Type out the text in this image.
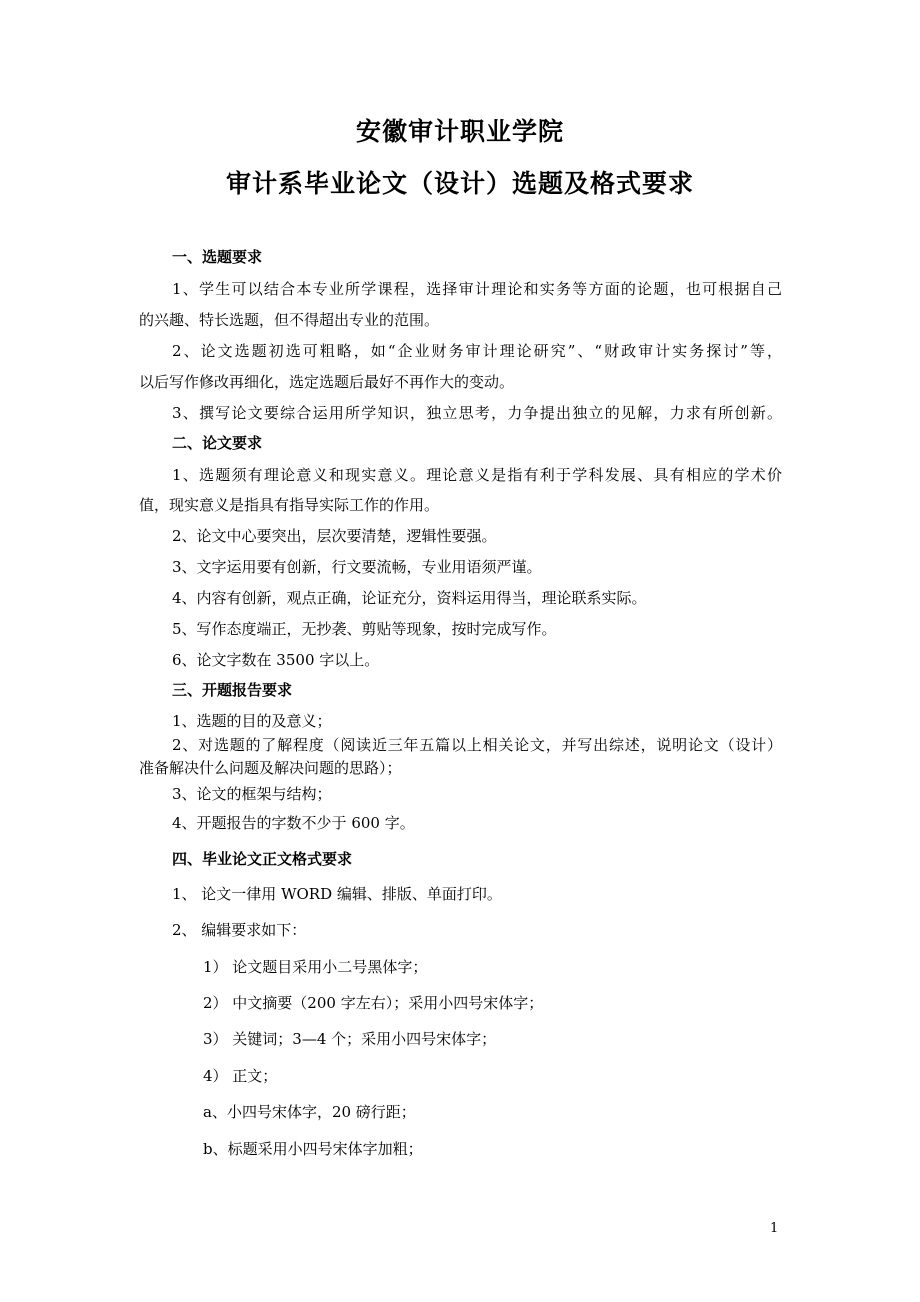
安徽审计职业学院
审计系毕业论文（设计）选题及格式要求

一、选题要求

1、学生可以结合本专业所学课程，选择审计理论和实务等方面的论题，也可根据自己

的兴趣、特长选题，但不得超出专业的范围。

2、论文选题初选可粗略，如“企业财务审计理论研究”、“财政审计实务探讨”等，

以后写作修改再细化，选定选题后最好不再作大的变动。

3、撰写论文要综合运用所学知识，独立思考，力争提出独立的见解，力求有所创新。

二、论文要求

1、选题须有理论意义和现实意义。理论意义是指有利于学科发展、具有相应的学术价

值，现实意义是指具有指导实际工作的作用。

2、论文中心要突出，层次要清楚，逻辑性要强。

3、文字运用要有创新，行文要流畅，专业用语须严谨。

4、内容有创新，观点正确，论证充分，资料运用得当，理论联系实际。

5、写作态度端正，无抄袭、剪贴等现象，按时完成写作。

6、论文字数在 3500 字以上。

三、开题报告要求

1、选题的目的及意义；

2、对选题的了解程度（阅读近三年五篇以上相关论文，并写出综述，说明论文（设计）

准备解决什么问题及解决问题的思路）；

3、论文的框架与结构；

4、开题报告的字数不少于 600 字。

四、毕业论文正文格式要求

1、 论文一律用 WORD 编辑、排版、单面打印。

2、 编辑要求如下：

1） 论文题目采用小二号黑体字；

2） 中文摘要（200 字左右）；采用小四号宋体字；

3） 关键词；3—4 个；采用小四号宋体字；

4） 正文；

a、小四号宋体字，20 磅行距；

b、标题采用小四号宋体字加粗；

1
